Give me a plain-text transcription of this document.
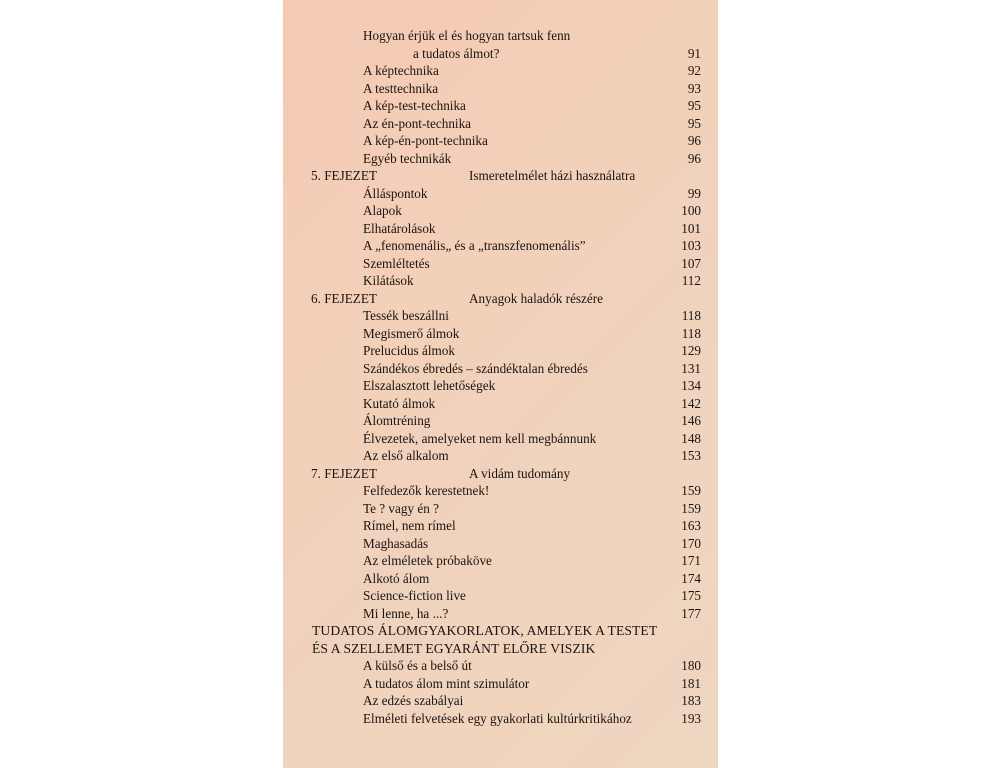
Hogyan érjük el és hogyan tartsuk fenn
a tudatos álmot?	91
A képtechnika	92
A testtechnika	93
A kép-test-technika	95
Az én-pont-technika	95
A kép-én-pont-technika	96
Egyéb technikák	96
5. FEJEZET	Ismeretelmélet házi használatra
Álláspontok	99
Alapok	100
Elhatárolások	101
A „fenomenális„ és a „transzfenomenális”	103
Szemléltetés	107
Kilátások	112
6. FEJEZET	Anyagok haladók részére
Tessék beszállni	118
Megismerő álmok	118
Prelucidus álmok	129
Szándékos ébredés – szándéktalan ébredés	131
Elszalasztott lehetőségek	134
Kutató álmok	142
Álomtréning	146
Élvezetek, amelyeket nem kell megbánnunk	148
Az első alkalom	153
7. FEJEZET	A vidám tudomány
Felfedezők kerestetnek!	159
Te ? vagy én ?	159
Rímel, nem rímel	163
Maghasadás	170
Az elméletek próbaköve	171
Alkotó álom	174
Science-fiction live	175
Mi lenne, ha ...?	177
TUDATOS ÁLOMGYAKORLATOK, AMELYEK A TESTET
ÉS A SZELLEMET EGYARÁNT ELŐRE VISZIK
A külső és a belső út	180
A tudatos álom mint szimulátor	181
Az edzés szabályai	183
Elméleti felvetések egy gyakorlati kultúrkritikához	193
